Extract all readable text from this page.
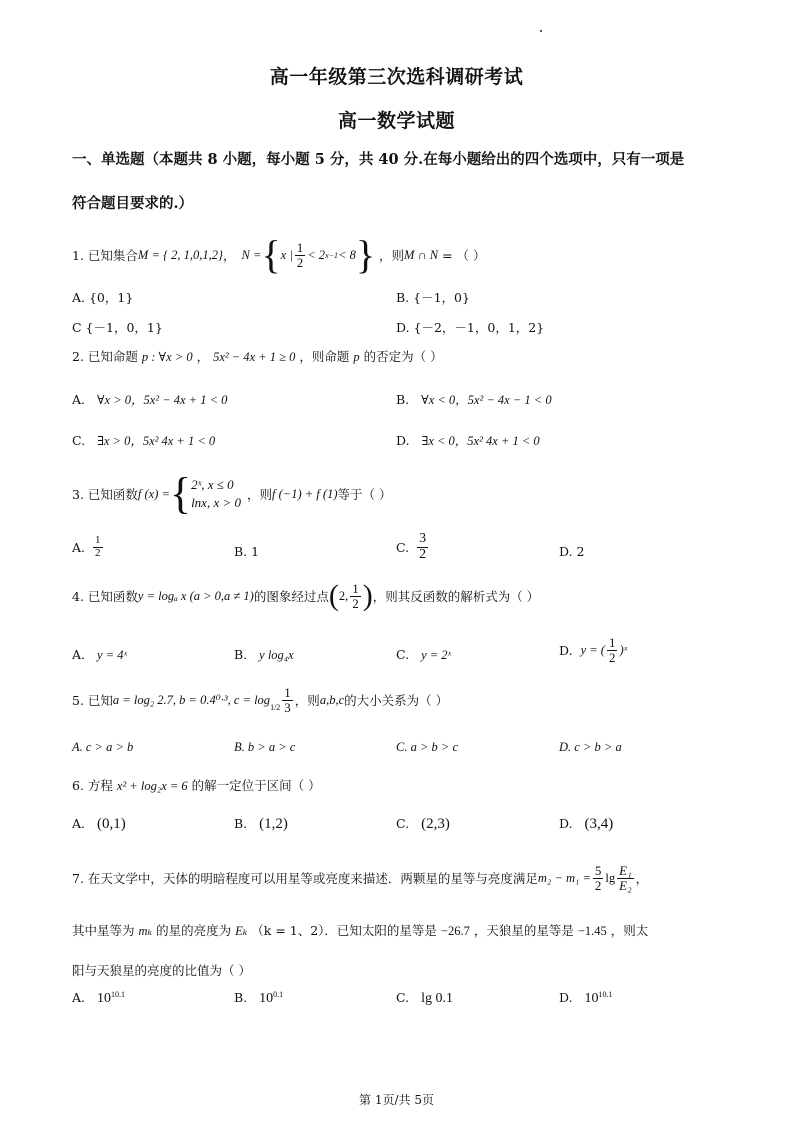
高一年级第三次选科调研考试
高一数学试题
一、单选题（本题共 8 小题，每小题 5 分，共 40 分.在每小题给出的四个选项中，只有一项是
符合题目要求的.）
1. 已知集合 M = { 2, 1,0,1,2} ， N = { x | $\frac{1}{2} < 2$ x−1 < 8 } ，则 M ∩ N = （ ）
A. {0，1}	B. {－1，0}
C {－1，0，1}	D. {－2，－1，0，1，2}
2. 已知命题 p : ∀x > 0 ， 5x² − 4x + 1 ≥ 0 ，则命题 p 的否定为（ ）
A. ∀x > 0，5x² − 4x + 1 < 0	B. ∀x < 0，5x² − 4x − 1 < 0
C. ∃x > 0，5x² 4x + 1 < 0	D. ∃x < 0，5x² 4x + 1 < 0
3. 已知函数 f (x) = { 2ˣ, x ≤ 0
lnx, x > 0
，则 f (−1) + f (1) 等于（ ）
A. $\frac{1}{2}$	B. 1	C. $\frac{3}{2}$	D. 2
4. 已知函数 y = logₐ x (a > 0,a ≠ 1) 的图象经过点 ( 2, $\frac{1}{2}$ ) ，则其反函数的解析式为（ ）
A. y = 4ˣ	B. y log₄x	C. y = 2ˣ	D. y = ( $\frac{1}{2}$ )ˣ
5. 已知 a = log₂ 2.7, b = 0.4⁰·³, $c = \log_{1/2} \frac{1}{3}$ ，则 a,b,c 的大小关系为（ ）
A. c > a > b	B. b > a > c	C. a > b > c	D. c > b > a
6. 方程 x² + log₂x = 6 的解一定位于区间（ ）
A. (0,1)	B. (1,2)	C. (2,3)	D. (3,4)
7. 在天文学中，天体的明暗程度可以用星等或亮度来描述．两颗星的星等与亮度满足 $m_2 - m_1 = \frac{5}{2}$ $\lg \frac{\text{E₁}}{\text{E₂}}$ ，
其中星等为 mₖ 的星的亮度为 Eₖ （k = 1、2）．已知太阳的星等是 −26.7 ，天狼星的星等是 −1.45 ，则太
阳与天狼星的亮度的比值为（ ）
A. $10^{10.1}$	B. $10^{0.1}$	C. lg 0.1	D. $10^{10.1}$
第 1页/共 5页
